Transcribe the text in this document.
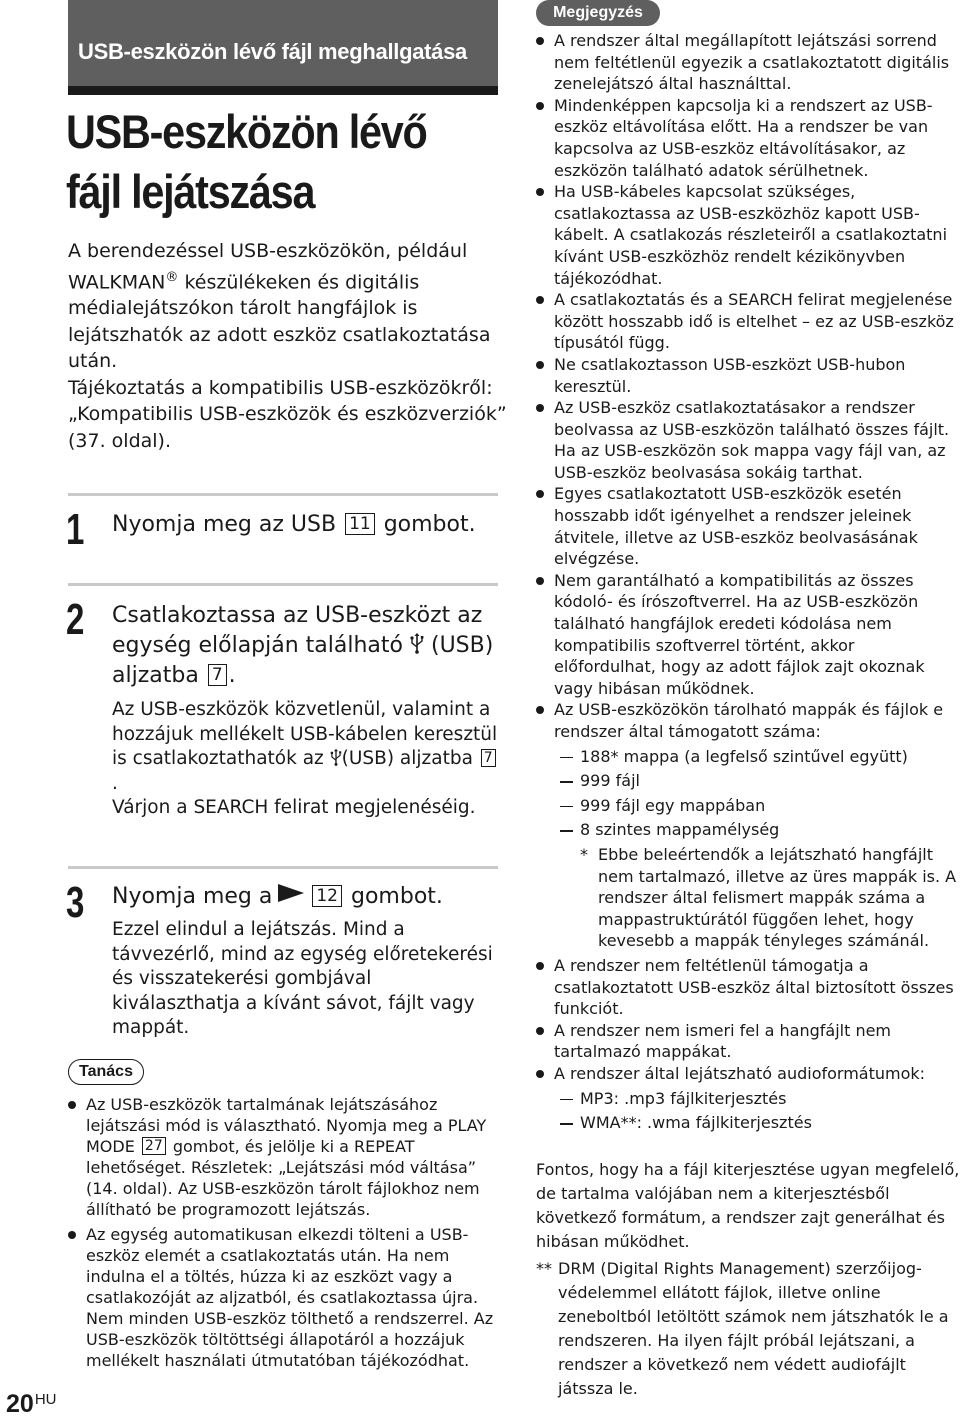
USB-eszközön lévő fájl meghallgatása
USB-eszközön lévő
fájl lejátszása

A berendezéssel USB-eszközökön, például WALKMAN® készülékeken és digitális médialejátszókon tárolt hangfájlok is lejátszhatók az adott eszköz csatlakoztatása után.

Tájékoztatás a kompatibilis USB-eszközökről: „Kompatibilis USB-eszközök és eszközverziók” (37. oldal).

1 Nyomja meg az USB 11 gombot.
2 Csatlakoztassa az USB-eszközt az egység előlapján található  (USB) aljzatba 7 .

Az USB-eszközök közvetlenül, valamint a hozzájuk mellékelt USB-kábelen keresztül is csatlakoztathatók az (USB) aljzatba 7.

Várjon a SEARCH felirat megjelenéséig.

3 Nyomja meg a	12 gombot.
Ezzel elindul a lejátszás. Mind a távvezérlő, mind az egység előretekerési és visszatekerési gombjával kiválaszthatja a kívánt sávot, fájlt vagy mappát.
Tanács
Az USB-eszközök tartalmának lejátszásához lejátszási mód is választható. Nyomja meg a PLAY MODE 27 gombot, és jelölje ki a REPEAT lehetőséget. Részletek: „Lejátszási mód váltása” (14. oldal). Az USB-eszközön tárolt fájlokhoz nem állítható be programozott lejátszás.
Az egység automatikusan elkezdi tölteni a USB-eszköz elemét a csatlakoztatás után. Ha nem indulna el a töltés, húzza ki az eszközt vagy a csatlakozóját az aljzatból, és csatlakoztassa újra. Nem minden USB-eszköz tölthető a rendszerrel. Az USB-eszközök töltöttségi állapotáról a hozzájuk mellékelt használati útmutatóban tájékozódhat.
$20^{HU}$
Megjegyzés
A rendszer által megállapított lejátszási sorrend nem feltétlenül egyezik a csatlakoztatott digitális zenelejátszó által használttal.
Mindenképpen kapcsolja ki a rendszert az USB-eszköz eltávolítása előtt. Ha a rendszer be van kapcsolva az USB-eszköz eltávolításakor, az eszközön található adatok sérülhetnek.
Ha USB-kábeles kapcsolat szükséges, csatlakoztassa az USB-eszközhöz kapott USB-kábelt. A csatlakozás részleteiről a csatlakoztatni kívánt USB-eszközhöz rendelt kézikönyvben tájékozódhat.
A csatlakoztatás és a SEARCH felirat megjelenése között hosszabb idő is eltelhet – ez az USB-eszköz típusától függ.
Ne csatlakoztasson USB-eszközt USB-hubon keresztül.
Az USB-eszköz csatlakoztatásakor a rendszer beolvassa az USB-eszközön található összes fájlt. Ha az USB-eszközön sok mappa vagy fájl van, az USB-eszköz beolvasása sokáig tarthat.
Egyes csatlakoztatott USB-eszközök esetén hosszabb időt igényelhet a rendszer jeleinek átvitele, illetve az USB-eszköz beolvasásának elvégzése.
Nem garantálható a kompatibilitás az összes kódoló- és írószoftverrel. Ha az USB-eszközön található hangfájlok eredeti kódolása nem kompatibilis szoftverrel történt, akkor előfordulhat, hogy az adott fájlok zajt okoznak vagy hibásan működnek.
Az USB-eszközökön tárolható mappák és fájlok e rendszer által támogatott száma:
188* mappa (a legfelső szintűvel együtt)
999 fájl
999 fájl egy mappában
8 szintes mappamélység
* Ebbe beleértendők a lejátszható hangfájlt nem tartalmazó, illetve az üres mappák is. A rendszer által felismert mappák száma a mappastruktúrától függően lehet, hogy kevesebb a mappák tényleges számánál.
A rendszer nem feltétlenül támogatja a csatlakoztatott USB-eszköz által biztosított összes funkciót.
A rendszer nem ismeri fel a hangfájlt nem tartalmazó mappákat.
A rendszer által lejátszható audioformátumok:
MP3: .mp3 fájlkiterjesztés
WMA**: .wma fájlkiterjesztés
Fontos, hogy ha a fájl kiterjesztése ugyan megfelelő, de tartalma valójában nem a kiterjesztésből következő formátum, a rendszer zajt generálhat és hibásan működhet.
** DRM (Digital Rights Management) szerzőijog-védelemmel ellátott fájlok, illetve online zeneboltból letöltött számok nem játszhatók le a rendszeren. Ha ilyen fájlt próbál lejátszani, a rendszer a következő nem védett audiofájlt játssza le.
